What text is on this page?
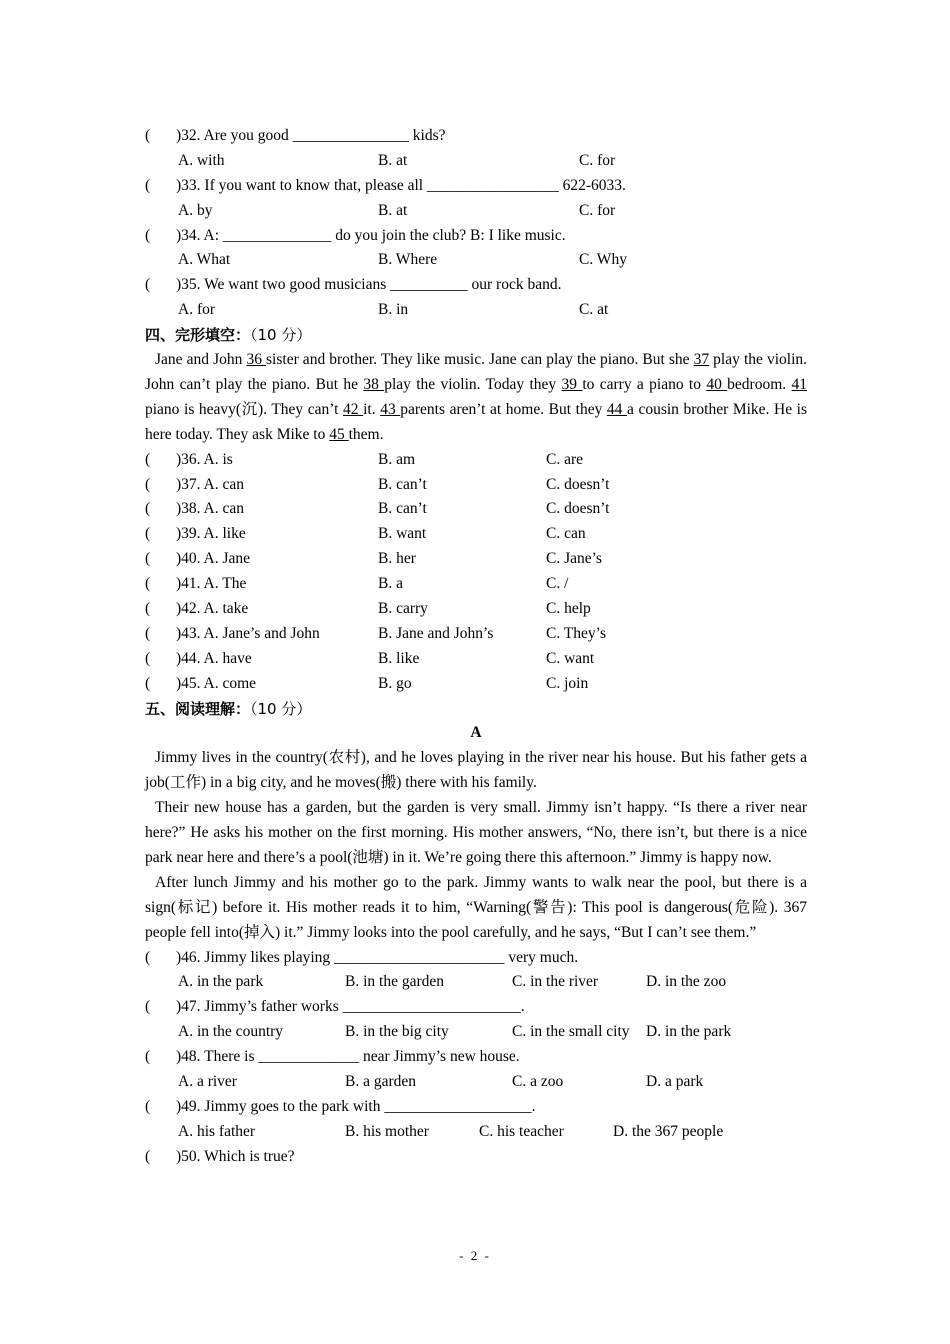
( )32. Are you good _______________ kids?
A. with	B. at	C. for
( )33. If you want to know that, please all _________________ 622-6033.
A. by	B. at	C. for
( )34. A: ______________ do you join the club? B: I like music.
A. What	B. Where	C. Why
( )35. We want two good musicians __________ our rock band.
A. for	B. in	C. at
四、完形填空：（10 分）

Jane and John 36 sister and brother. They like music. Jane can play the piano. But she 37 play the violin. John can’t play the piano. But he 38 play the violin. Today they 39 to carry a piano to 40 bedroom. 41 piano is heavy(沉). They can’t 42 it. 43 parents aren’t at home. But they 44 a cousin brother Mike. He is here today. They ask Mike to 45 them.

( )36. A. is	B. am	C. are
( )37. A. can	B. can’t	C. doesn’t
( )38. A. can	B. can’t	C. doesn’t
( )39. A. like	B. want	C. can
( )40. A. Jane	B. her	C. Jane’s
( )41. A. The	B. a	C. /
( )42. A. take	B. carry	C. help
( )43. A. Jane’s and John	B. Jane and John’s	C. They’s
( )44. A. have	B. like	C. want
( )45. A. come	B. go	C. join
五、阅读理解：（10 分）
A

Jimmy lives in the country(农村), and he loves playing in the river near his house. But his father gets a job(工作) in a big city, and he moves(搬) there with his family.

Their new house has a garden, but the garden is very small. Jimmy isn’t happy. “Is there a river near here?” He asks his mother on the first morning. His mother answers, “No, there isn’t, but there is a nice park near here and there’s a pool(池塘) in it. We’re going there this afternoon.” Jimmy is happy now.

After lunch Jimmy and his mother go to the park. Jimmy wants to walk near the pool, but there is a sign(标记) before it. His mother reads it to him, “Warning(警告): This pool is dangerous(危险). 367 people fell into(掉入) it.” Jimmy looks into the pool carefully, and he says, “But I can’t see them.”

( )46. Jimmy likes playing ______________________ very much.
A. in the park	B. in the garden	C. in the river	D. in the zoo
( )47. Jimmy’s father works _______________________.
A. in the country	B. in the big city	C. in the small city D. in the park
( )48. There is _____________ near Jimmy’s new house.
A. a river	B. a garden	C. a zoo	D. a park
( )49. Jimmy goes to the park with ___________________.
A. his father	B. his mother	C. his teacher	D. the 367 people
( )50. Which is true?
- 2 -
